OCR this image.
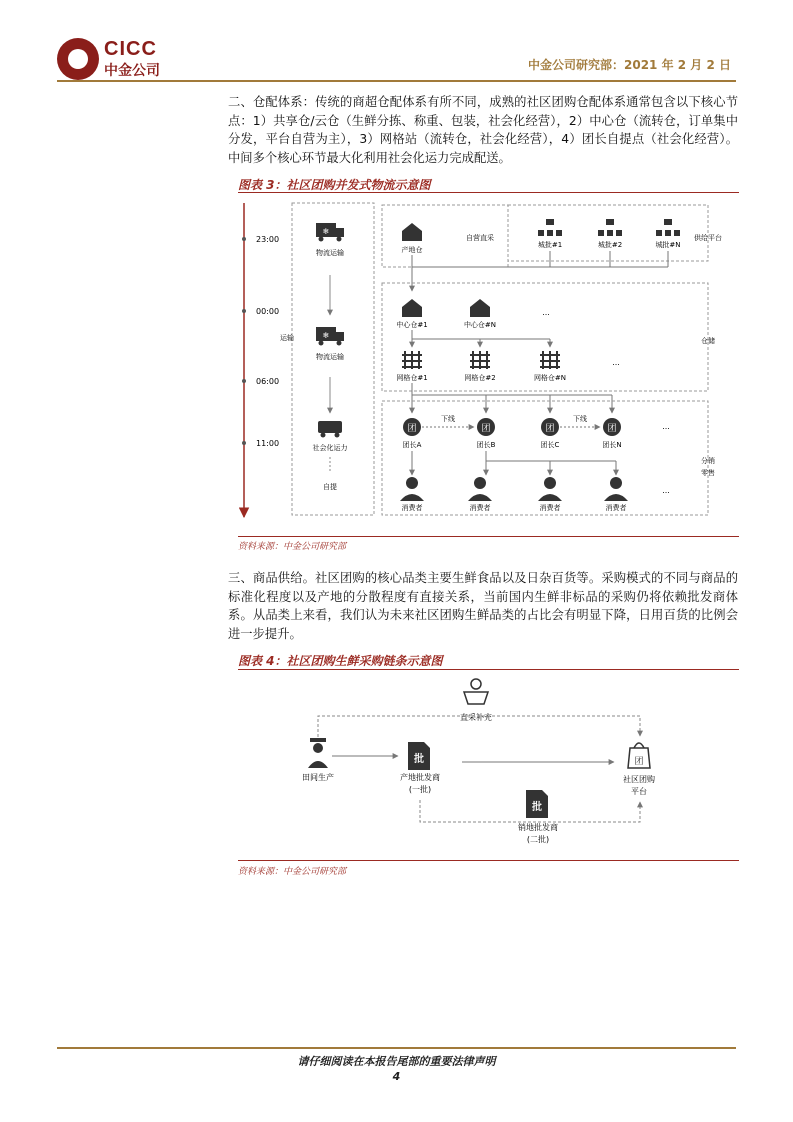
CICC
中金公司	中金公司研究部：2021 年 2 月 2 日
二、仓配体系：传统的商超仓配体系有所不同，成熟的社区团购仓配体系通常包含以下核心节点：1）共享仓/云仓（生鲜分拣、称重、包装，社会化经营），2）中心仓（流转仓，订单集中分发，平台自营为主），3）网格站（流转仓，社会化经营），4）团长自提点（社会化经营）。中间多个核心环节最大化利用社会化运力完成配送。
图表 3：社区团购并发式物流示意图
23:00
00:00
06:00
11:00
运输
❄
物流运输
❄
物流运输
社会化运力
自提
产地仓
自营直采
城批#1	城批#2	城批#N
供给平台
中心仓#1	中心仓#N
...
仓储
网格仓#1	网格仓#2	网格仓#N
...
团
团长A
团
团长B
团
团长C
团
团长N
...
下线	下线
分销
零售
消费者	消费者	消费者	消费者
...
资料来源：中金公司研究部
三、商品供给。社区团购的核心品类主要生鲜食品以及日杂百货等。采购模式的不同与商品的标准化程度以及产地的分散程度有直接关系，当前国内生鲜非标品的采购仍将依赖批发商体系。从品类上来看，我们认为未来社区团购生鲜品类的占比会有明显下降，日用百货的比例会进一步提升。
图表 4：社区团购生鲜采购链条示意图
直采补充
田间生产
批
产地批发商
(一批)
团
社区团购
平台
批
销地批发商
(二批)
资料来源：中金公司研究部
请仔细阅读在本报告尾部的重要法律声明
4
